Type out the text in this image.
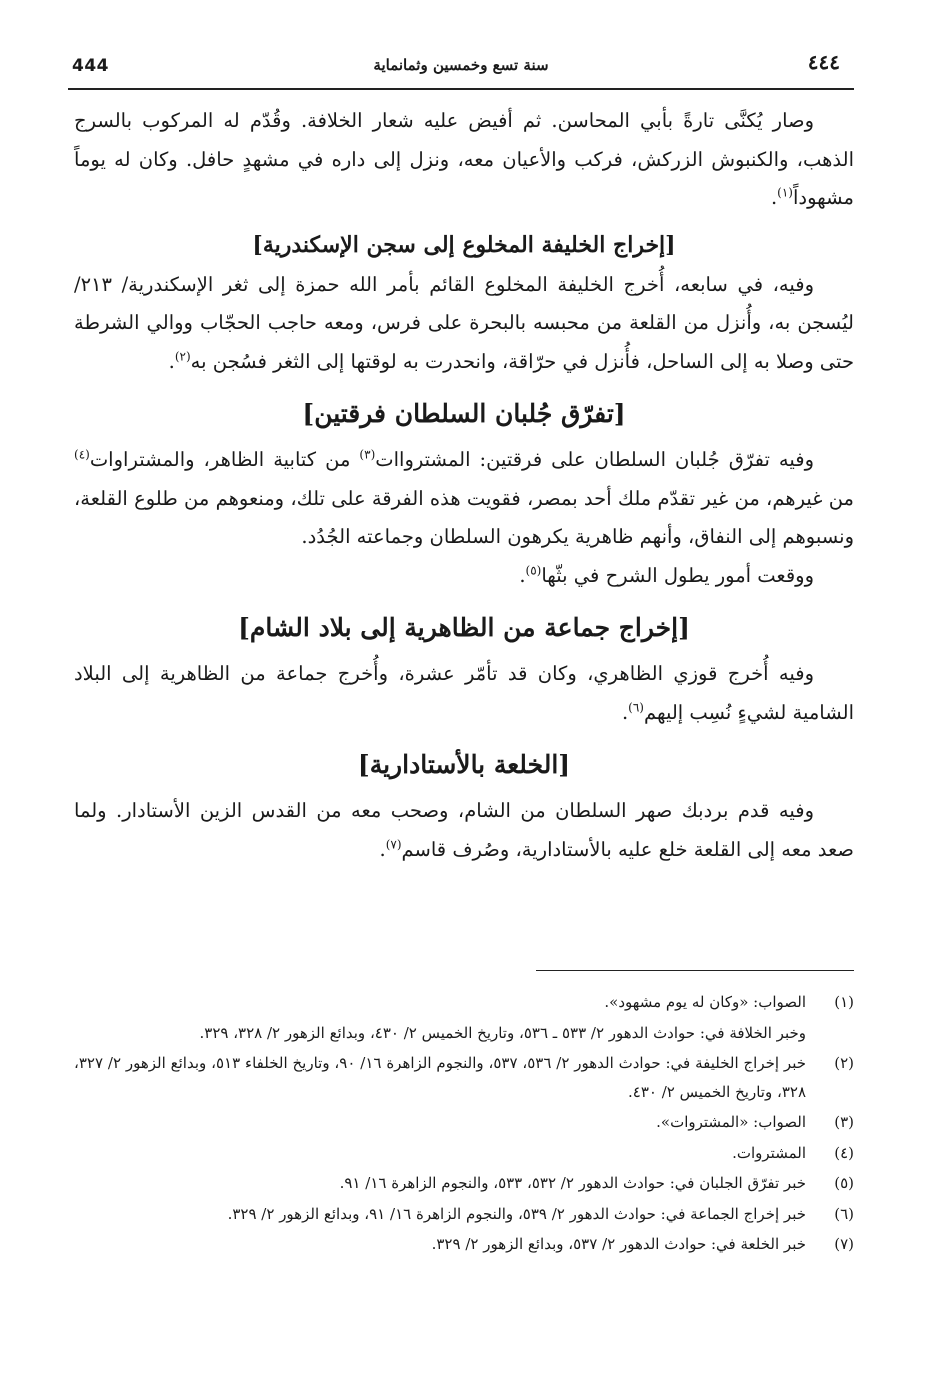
444	سنة تسع وخمسين وثمانماية	٤٤٤

وصار يُكنَّى تارةً بأبي المحاسن. ثم أفيض عليه شعار الخلافة. وقُدّم له المركوب بالسرج الذهب، والكنبوش الزركش، فركب والأعيان معه، ونزل إلى داره في مشهدٍ حافل. وكان له يوماً مشهوداً$^{(١)}$.

[إخراج الخليفة المخلوع إلى سجن الإسكندرية]

وفيه، في سابعه، أُخرج الخليفة المخلوع القائم بأمر الله حمزة إلى ثغر الإسكندرية/ ٢١٣/ ليُسجن به، وأُنزل من القلعة من محبسه بالبحرة على فرس، ومعه حاجب الحجّاب ووالي الشرطة حتى وصلا به إلى الساحل، فأُنزل في حرّاقة، وانحدرت به لوقتها إلى الثغر فسُجن به$^{(٢)}$.

[تفرّق جُلبان السلطان فرقتين]

وفيه تفرّق جُلبان السلطان على فرقتين: المشترواات$^{(٣)}$ من كتابية الظاهر، والمشتراوات$^{(٤)}$ من غيرهم، من غير تقدّم ملك أحد بمصر، فقويت هذه الفرقة على تلك، ومنعوهم من طلوع القلعة، ونسبوهم إلى النفاق، وأنهم ظاهرية يكرهون السلطان وجماعته الجُدُد.

ووقعت أمور يطول الشرح في بثّها$^{(٥)}$.

[إخراج جماعة من الظاهرية إلى بلاد الشام]

وفيه أُخرج قوزي الظاهري، وكان قد تأمّر عشرة، وأُخرج جماعة من الظاهرية إلى البلاد الشامية لشيءٍ نُسِب إليهم$^{(٦)}$.

[الخلعة بالأستادارية]

وفيه قدم بردبك صهر السلطان من الشام، وصحب معه من القدس الزين الأستادار. ولما صعد معه إلى القلعة خلع عليه بالأستادارية، وصُرف قاسم$^{(٧)}$.

(١)
الصواب: «وكان له يوم مشهود».
وخبر الخلافة في: حوادث الدهور ٢/ ٥٣٣ ـ ٥٣٦، وتاريخ الخميس ٢/ ٤٣٠، وبدائع الزهور ٢/ ٣٢٨، ٣٢٩.
(٢)
خبر إخراج الخليفة في: حوادث الدهور ٢/ ٥٣٦، ٥٣٧، والنجوم الزاهرة ١٦/ ٩٠، وتاريخ الخلفاء ٥١٣، وبدائع الزهور ٢/ ٣٢٧، ٣٢٨، وتاريخ الخميس ٢/ ٤٣٠.
(٣)
الصواب: «المشتروات».
(٤)
المشتروات.
(٥)
خبر تفرّق الجلبان في: حوادث الدهور ٢/ ٥٣٢، ٥٣٣، والنجوم الزاهرة ١٦/ ٩١.
(٦)
خبر إخراج الجماعة في: حوادث الدهور ٢/ ٥٣٩، والنجوم الزاهرة ١٦/ ٩١، وبدائع الزهور ٢/ ٣٢٩.
(٧)
خبر الخلعة في: حوادث الدهور ٢/ ٥٣٧، وبدائع الزهور ٢/ ٣٢٩.
